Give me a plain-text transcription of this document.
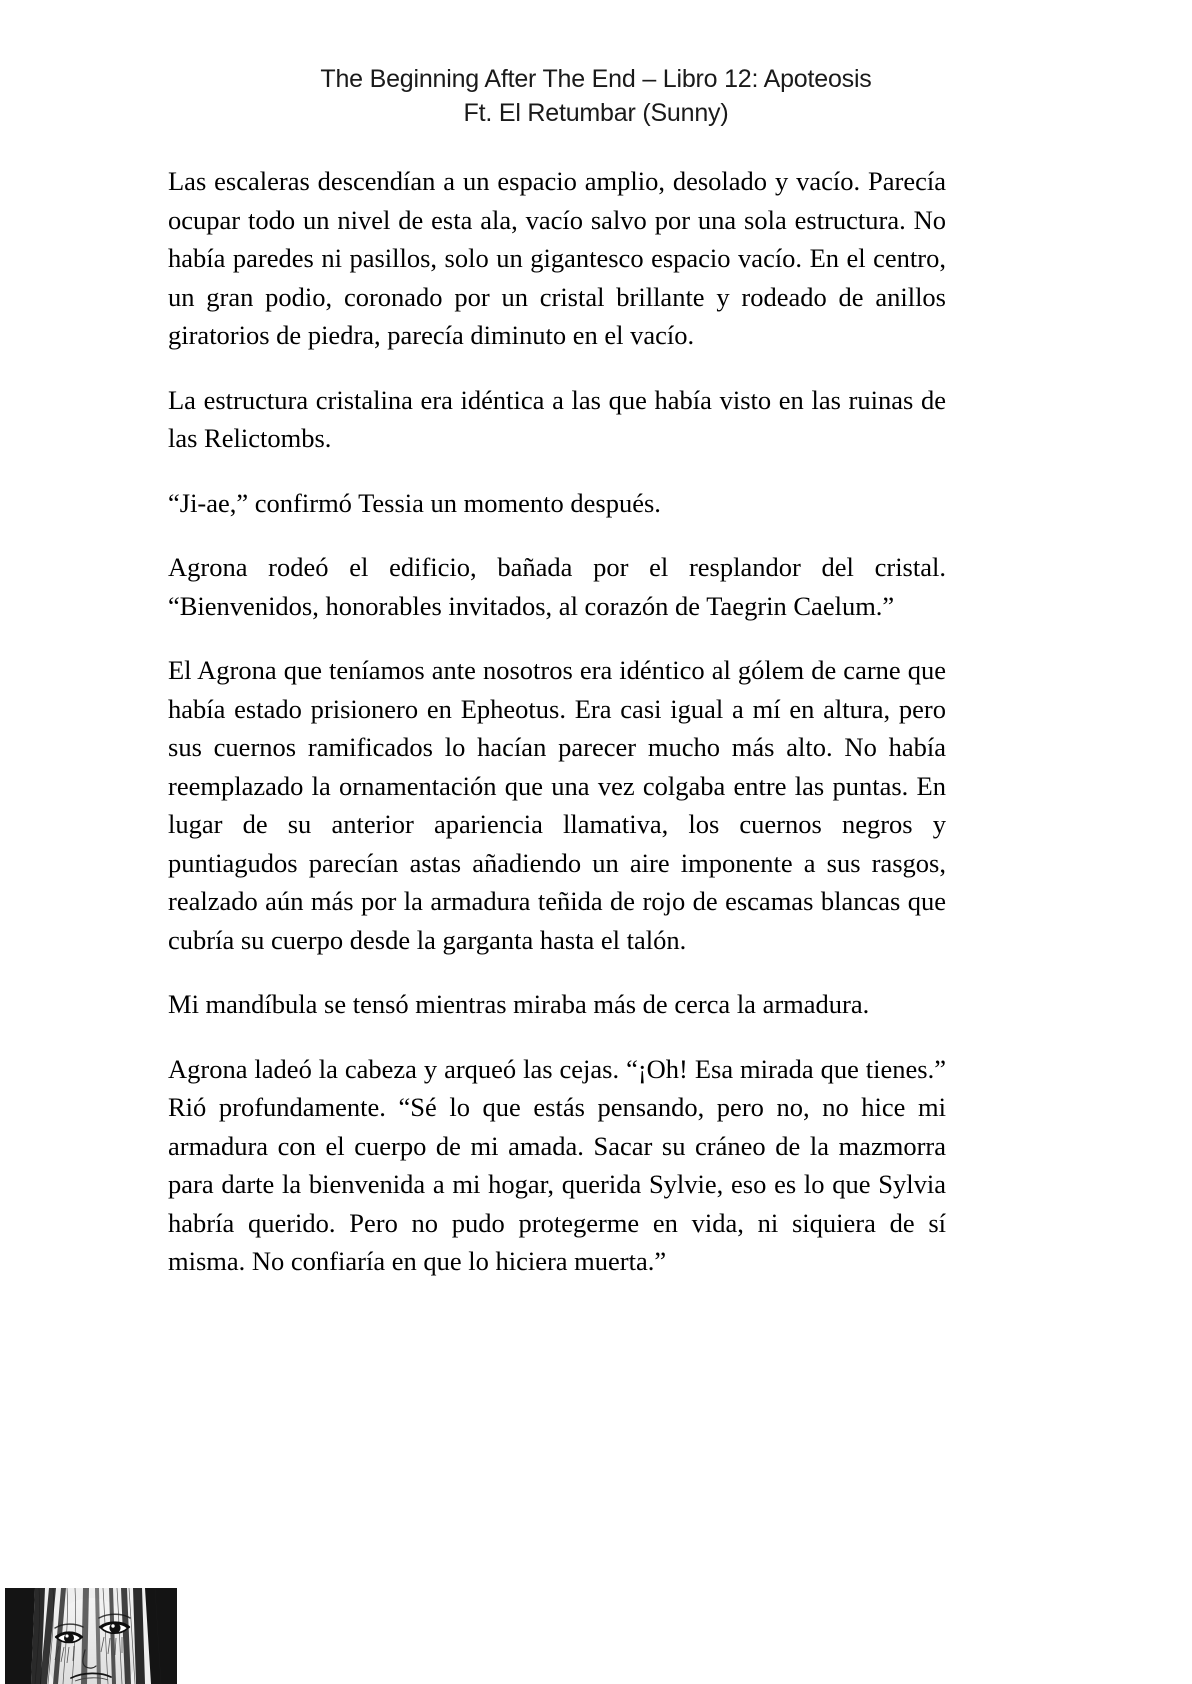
The Beginning After The End – Libro 12: Apoteosis
Ft. El Retumbar (Sunny)

Las escaleras descendían a un espacio amplio, desolado y vacío. Parecía ocupar todo un nivel de esta ala, vacío salvo por una sola estructura. No había paredes ni pasillos, solo un gigantesco espacio vacío. En el centro, un gran podio, coronado por un cristal brillante y rodeado de anillos giratorios de piedra, parecía diminuto en el vacío.

La estructura cristalina era idéntica a las que había visto en las ruinas de las Relictombs.

“Ji-ae,” confirmó Tessia un momento después.

Agrona rodeó el edificio, bañada por el resplandor del cristal. “Bienvenidos, honorables invitados, al corazón de Taegrin Caelum.”

El Agrona que teníamos ante nosotros era idéntico al gólem de carne que había estado prisionero en Epheotus. Era casi igual a mí en altura, pero sus cuernos ramificados lo hacían parecer mucho más alto. No había reemplazado la ornamentación que una vez colgaba entre las puntas. En lugar de su anterior apariencia llamativa, los cuernos negros y puntiagudos parecían astas añadiendo un aire imponente a sus rasgos, realzado aún más por la armadura teñida de rojo de escamas blancas que cubría su cuerpo desde la garganta hasta el talón.

Mi mandíbula se tensó mientras miraba más de cerca la armadura.

Agrona ladeó la cabeza y arqueó las cejas. “¡Oh! Esa mirada que tienes.” Rió profundamente. “Sé lo que estás pensando, pero no, no hice mi armadura con el cuerpo de mi amada. Sacar su cráneo de la mazmorra para darte la bienvenida a mi hogar, querida Sylvie, eso es lo que Sylvia habría querido. Pero no pudo protegerme en vida, ni siquiera de sí misma. No confiaría en que lo hiciera muerta.”
